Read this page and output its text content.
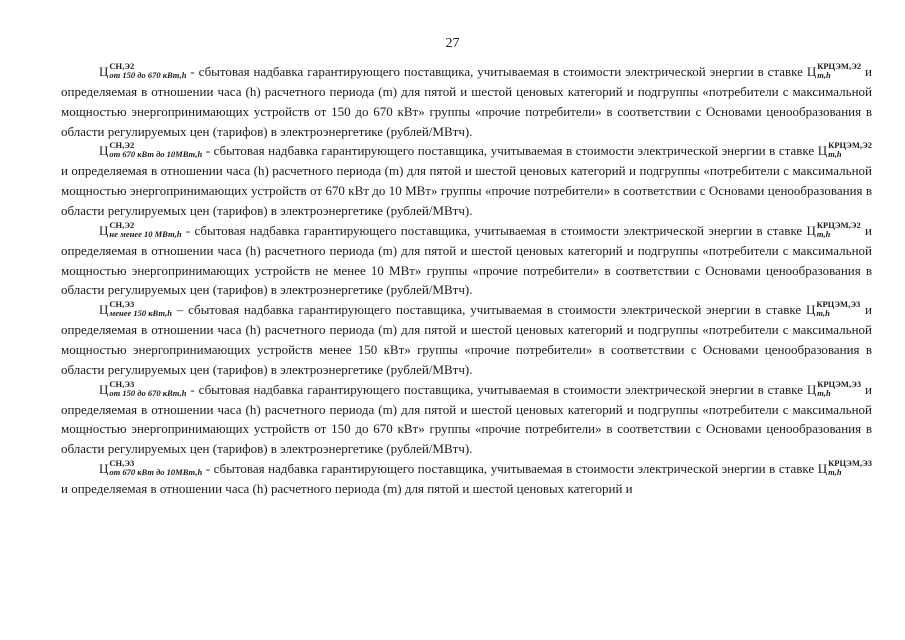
27

Ц СН,Э2
от 150 до 670 кВт,h - сбытовая надбавка гарантирующего поставщика, учитываемая в стоимости электрической энергии в ставке Ц КРЦЭМ,Э2
m,h	и определяемая в отношении часа (h) расчетного периода (m) для пятой и шестой ценовых категорий и подгруппы «потребители с максимальной мощностью энергопринимающих устройств от 150 до 670 кВт» группы «прочие потребители» в соответствии с Основами ценообразования в области регулируемых цен (тарифов) в электроэнергетике (рублей/МВтч).

Ц СН,Э2
от 670 кВт до 10МВт,h - сбытовая надбавка гарантирующего поставщика, учитываемая в стоимости электрической энергии в ставке Ц КРЦЭМ,Э2
m,h
и определяемая в отношении часа (h) расчетного периода (m) для пятой и шестой ценовых категорий и подгруппы «потребители с максимальной мощностью энергопринимающих устройств от 670 кВт до 10 МВт» группы «прочие потребители» в соответствии с Основами ценообразования в области регулируемых цен (тарифов) в электроэнергетике (рублей/МВтч).

Ц СН,Э2
не менее 10 МВт,h - сбытовая надбавка гарантирующего поставщика, учитываемая в стоимости электрической энергии в ставке Ц КРЦЭМ,Э2
m,h	и определяемая в отношении часа (h) расчетного периода (m) для пятой и шестой ценовых категорий и подгруппы «потребители с максимальной мощностью энергопринимающих устройств не менее 10 МВт» группы «прочие потребители» в соответствии с Основами ценообразования в области регулируемых цен (тарифов) в электроэнергетике (рублей/МВтч).

Ц СН,Э3
менее 150 кВт,h – сбытовая надбавка гарантирующего поставщика, учитываемая в стоимости электрической энергии в ставке Ц КРЦЭМ,Э3
m,h	и определяемая в отношении часа (h) расчетного периода (m) для пятой и шестой ценовых категорий и подгруппы «потребители с максимальной мощностью энергопринимающих устройств менее 150 кВт» группы «прочие потребители» в соответствии с Основами ценообразования в области регулируемых цен (тарифов) в электроэнергетике (рублей/МВтч).

Ц СН,Э3
от 150 до 670 кВт,h - сбытовая надбавка гарантирующего поставщика, учитываемая в стоимости электрической энергии в ставке Ц КРЦЭМ,Э3
m,h	и определяемая в отношении часа (h) расчетного периода (m) для пятой и шестой ценовых категорий и подгруппы «потребители с максимальной мощностью энергопринимающих устройств от 150 до 670 кВт» группы «прочие потребители» в соответствии с Основами ценообразования в области регулируемых цен (тарифов) в электроэнергетике (рублей/МВтч).

Ц СН,Э3
от 670 кВт до 10МВт,h - сбытовая надбавка гарантирующего поставщика, учитываемая в стоимости электрической энергии в ставке Ц КРЦЭМ,Э3
m,h
и определяемая в отношении часа (h) расчетного периода (m) для пятой и шестой ценовых категорий и
